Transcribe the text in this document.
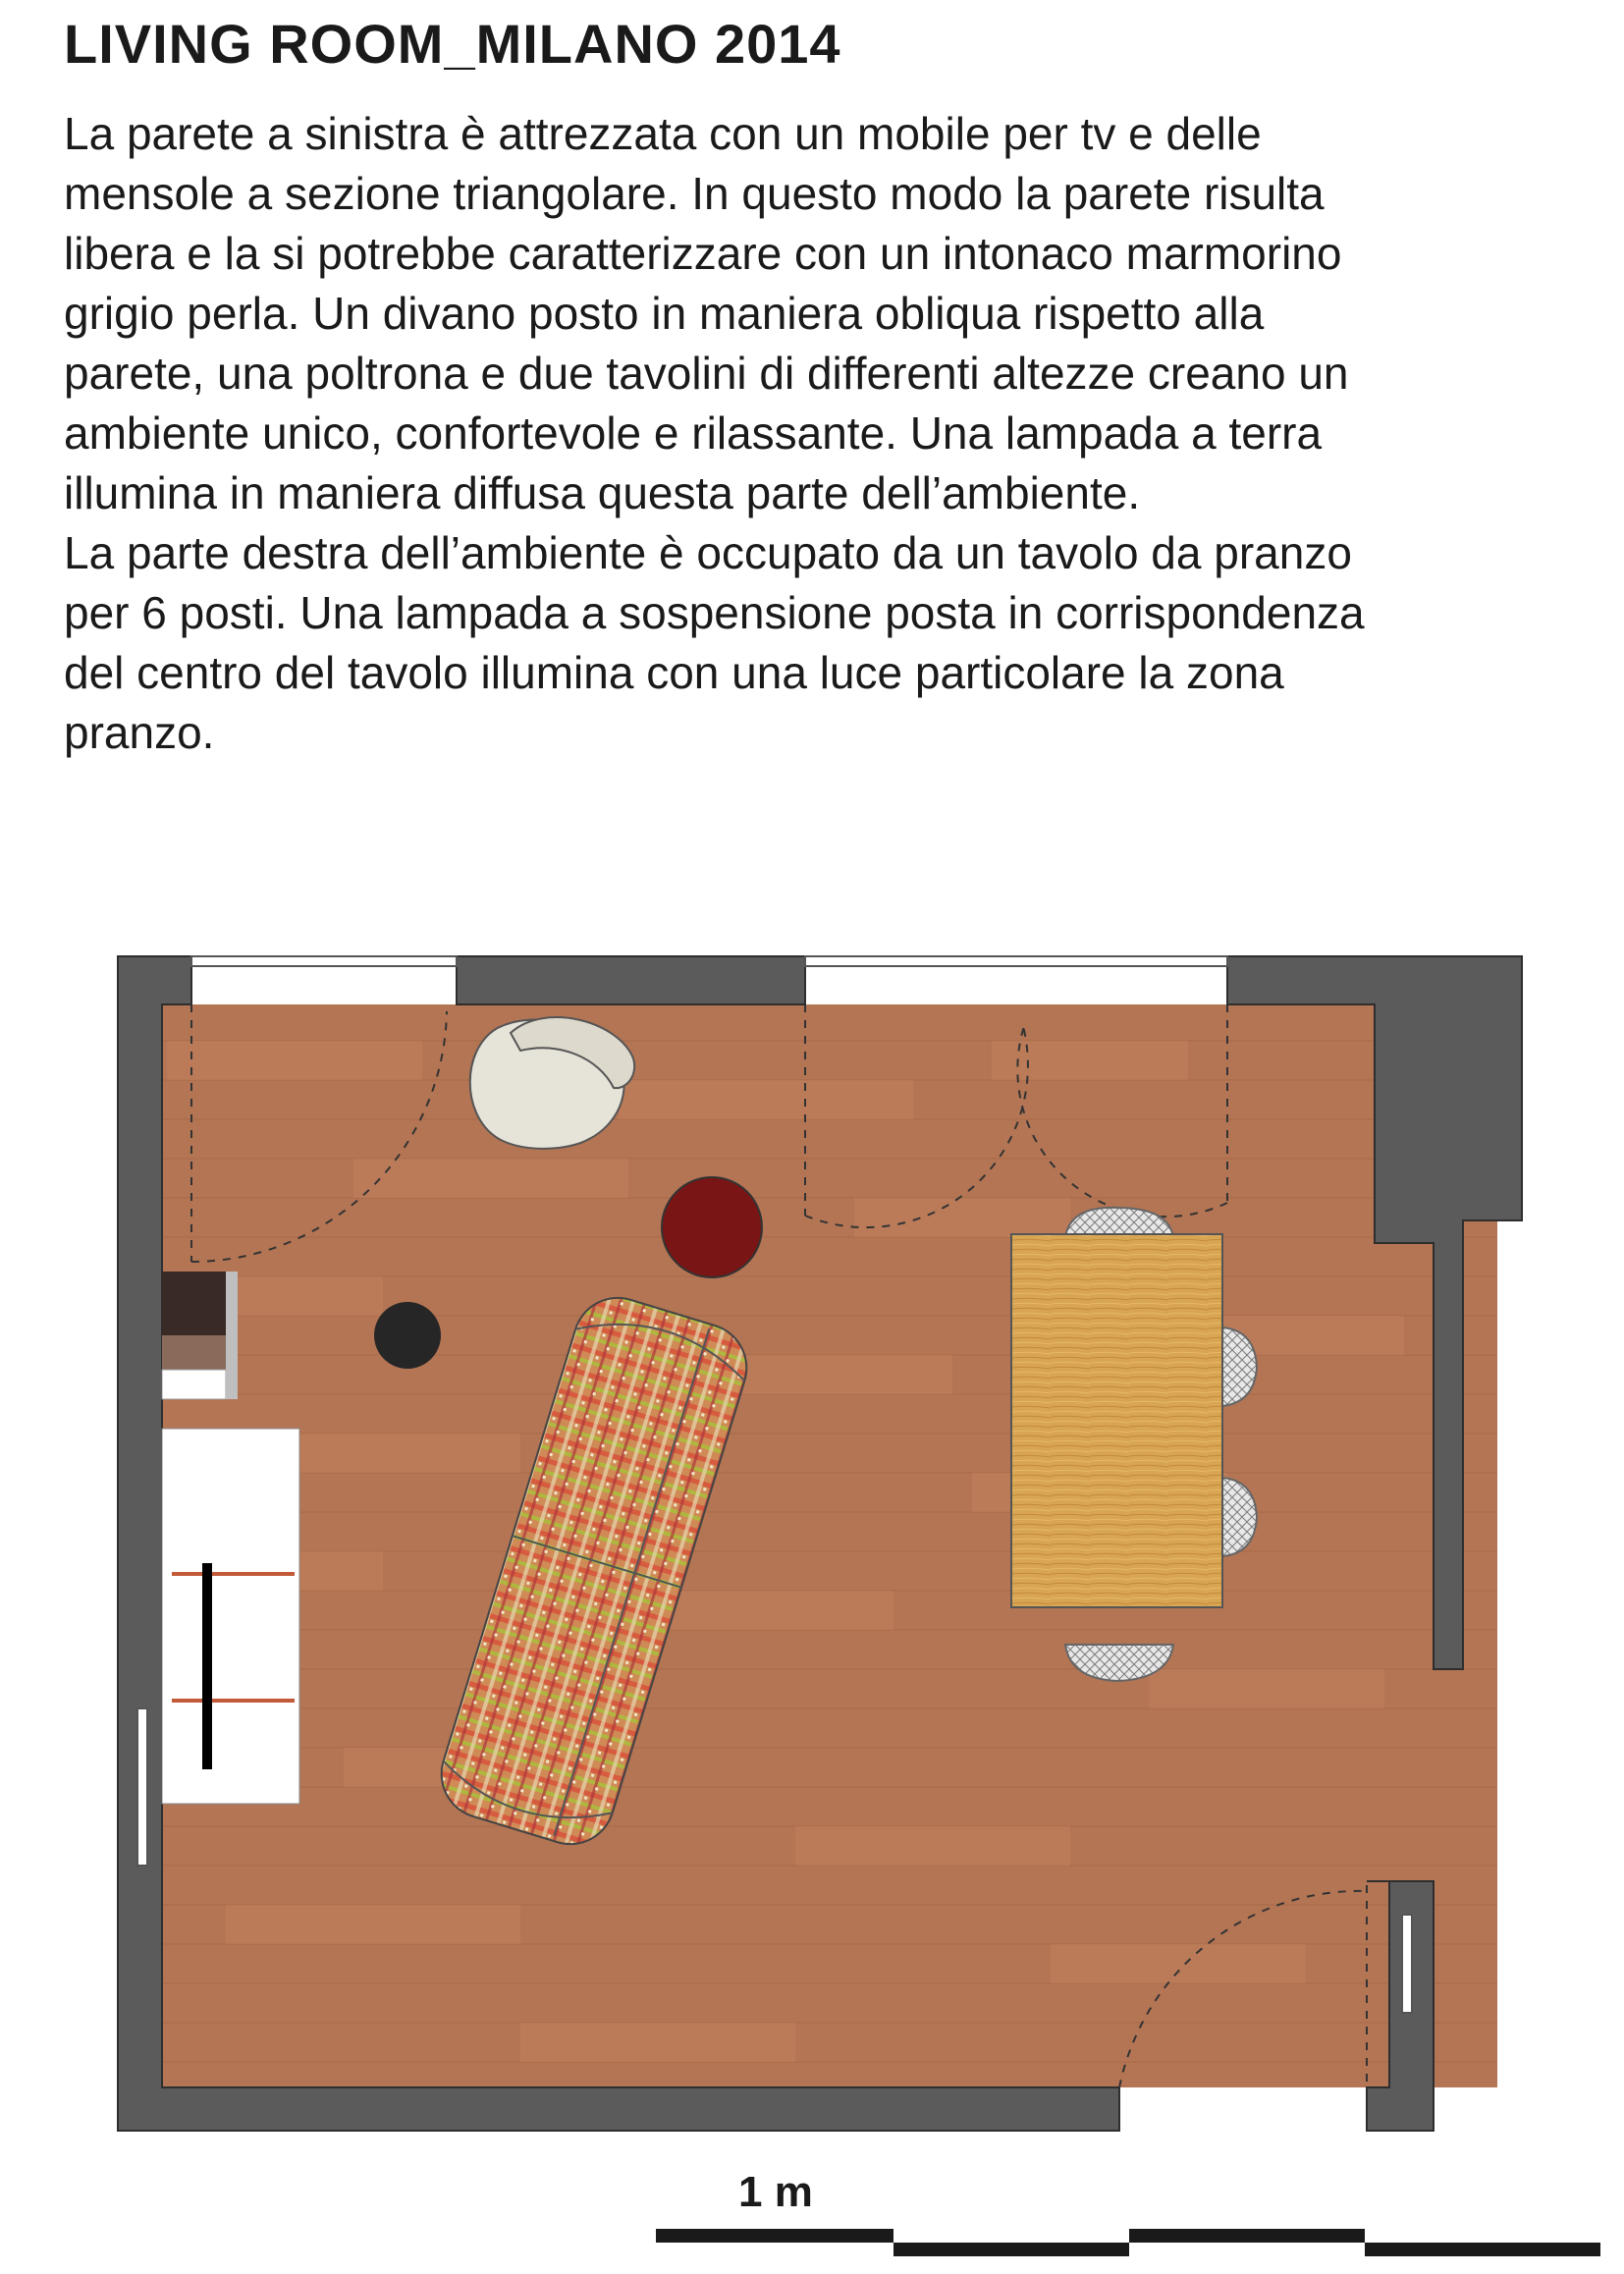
LIVING ROOM_MILANO 2014
La parete a sinistra è attrezzata con un mobile per tv e delle
mensole a sezione triangolare. In questo modo la parete risulta
libera e la si potrebbe caratterizzare con un intonaco marmorino
grigio perla. Un divano posto in maniera obliqua rispetto alla
parete, una poltrona e due tavolini di differenti altezze creano un
ambiente unico, confortevole e rilassante. Una lampada a terra
illumina in maniera diffusa questa parte dell’ambiente.
La parte destra dell’ambiente è occupato da un tavolo da pranzo
per 6 posti. Una lampada a sospensione posta in corrispondenza
del centro del tavolo illumina con una luce particolare la zona
pranzo.
1 m
